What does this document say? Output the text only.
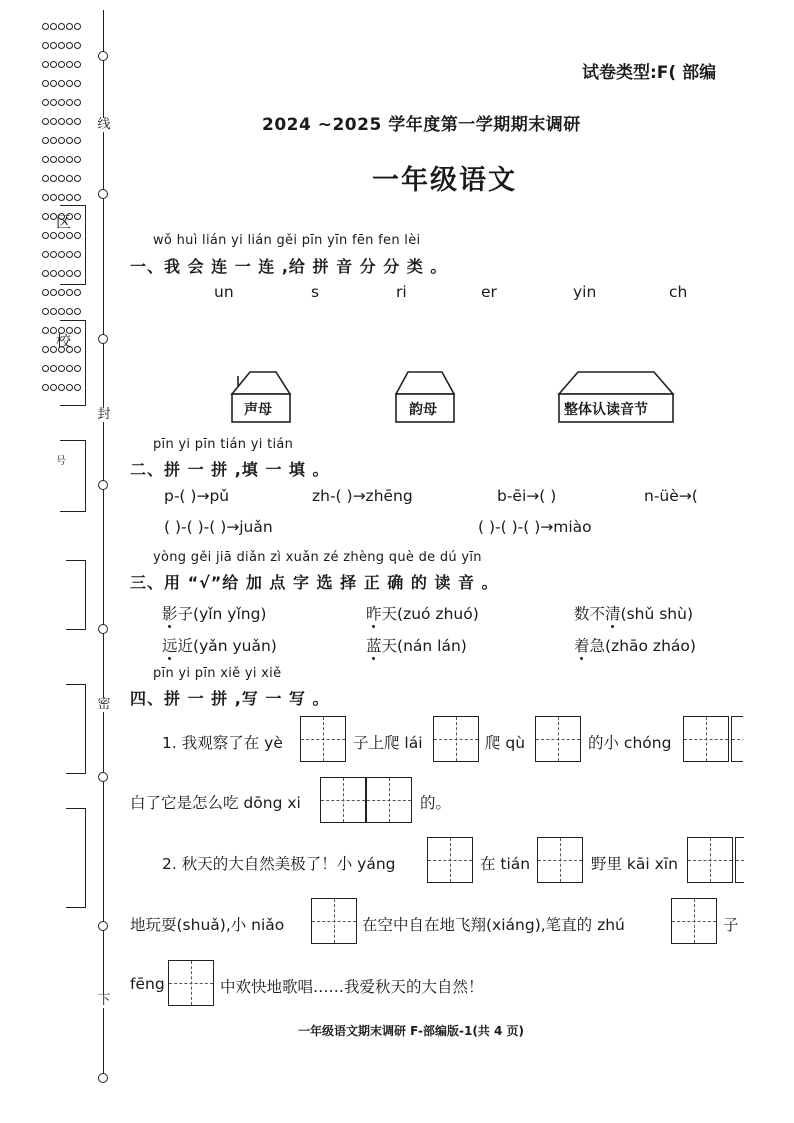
线
封
密
下
区
校
号
试卷类型:F( 部编
2024 ~2025 学年度第一学期期末调研
一年级语文
wǒ huì lián yi lián gěi pīn yīn fēn fen lèi
一、我 会 连 一 连 ,给 拼 音 分 分 类 。
un	s	ri	er	yin	ch
声母	韵母	整体认读音节
pīn yi pīn tián yi tián
二、拼 一 拼 ,填 一 填 。
p-( )→pǔ	zh-( )→zhēng	b-ēi→( )	n-üè→(
( )-( )-( )→juǎn	( )-( )-( )→miào
yòng gěi jiā diǎn zì xuǎn zé zhèng què de dú yīn
三、用 “√”给 加 点 字 选 择 正 确 的 读 音 。
影子(yǐn yǐng)	昨天(zuó zhuó)	数不清(shǔ shù)
远近(yǎn yuǎn)	蓝天(nán lán)	着急(zhāo zháo)
pīn yi pīn xiě yi xiě
四、拼 一 拼 ,写 一 写 。
1. 我观察了在 yè	子上爬 lái	爬 qù	的小 chóng
白了它是怎么吃 dōng xi	的。
2. 秋天的大自然美极了！小 yáng	在 tián	野里 kāi xīn
地玩耍(shuǎ),小 niǎo	在空中自在地飞翔(xiáng),笔直的 zhú	子
fēng	中欢快地歌唱……我爱秋天的大自然！
一年级语文期末调研 F-部编版-1(共 4 页)
